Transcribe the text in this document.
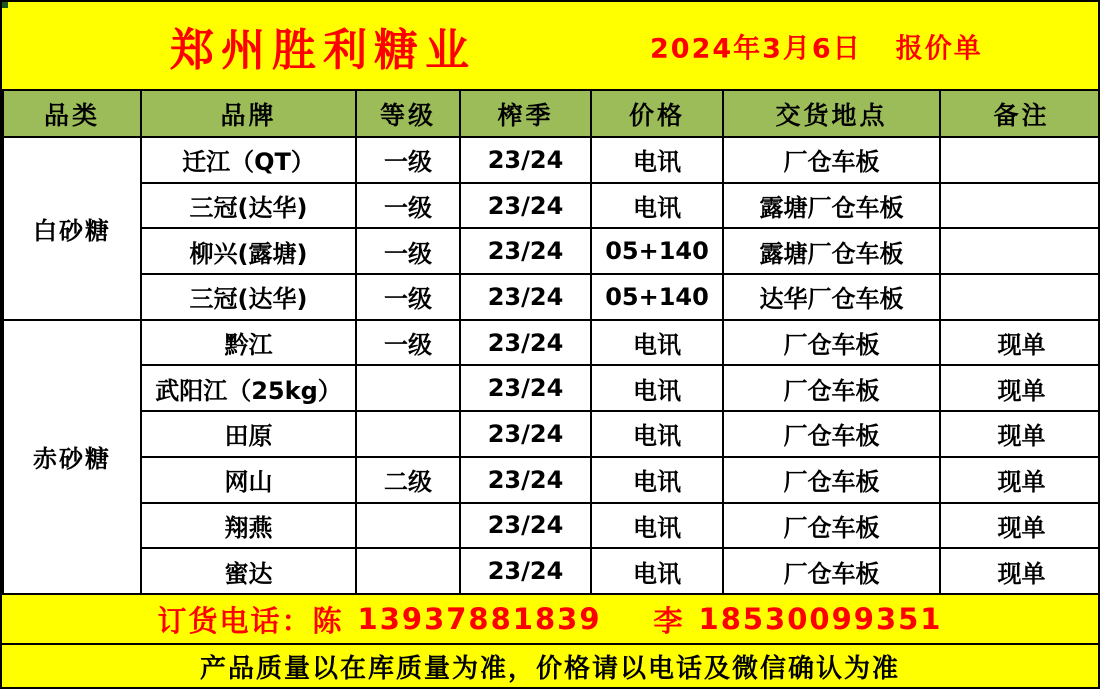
郑州胜利糖业	2024年3月6日 报价单
品类	品牌	等级	榨季	价格	交货地点	备注
白砂糖	迁江（QT）	一级	23/24	电讯	厂仓车板	
	三冠(达华)	一级	23/24	电讯	露塘厂仓车板	
	柳兴(露塘)	一级	23/24	05+140	露塘厂仓车板	
	三冠(达华)	一级	23/24	05+140	达华厂仓车板	
赤砂糖	黔江	一级	23/24	电讯	厂仓车板	现单
	武阳江（25kg）		23/24	电讯	厂仓车板	现单
	田原		23/24	电讯	厂仓车板	现单
	网山	二级	23/24	电讯	厂仓车板	现单
	翔燕		23/24	电讯	厂仓车板	现单
	蜜达		23/24	电讯	厂仓车板	现单
订货电话： 陈 13937881839 李 18530099351
产品质量以在库质量为准，价格请以电话及微信确认为准
